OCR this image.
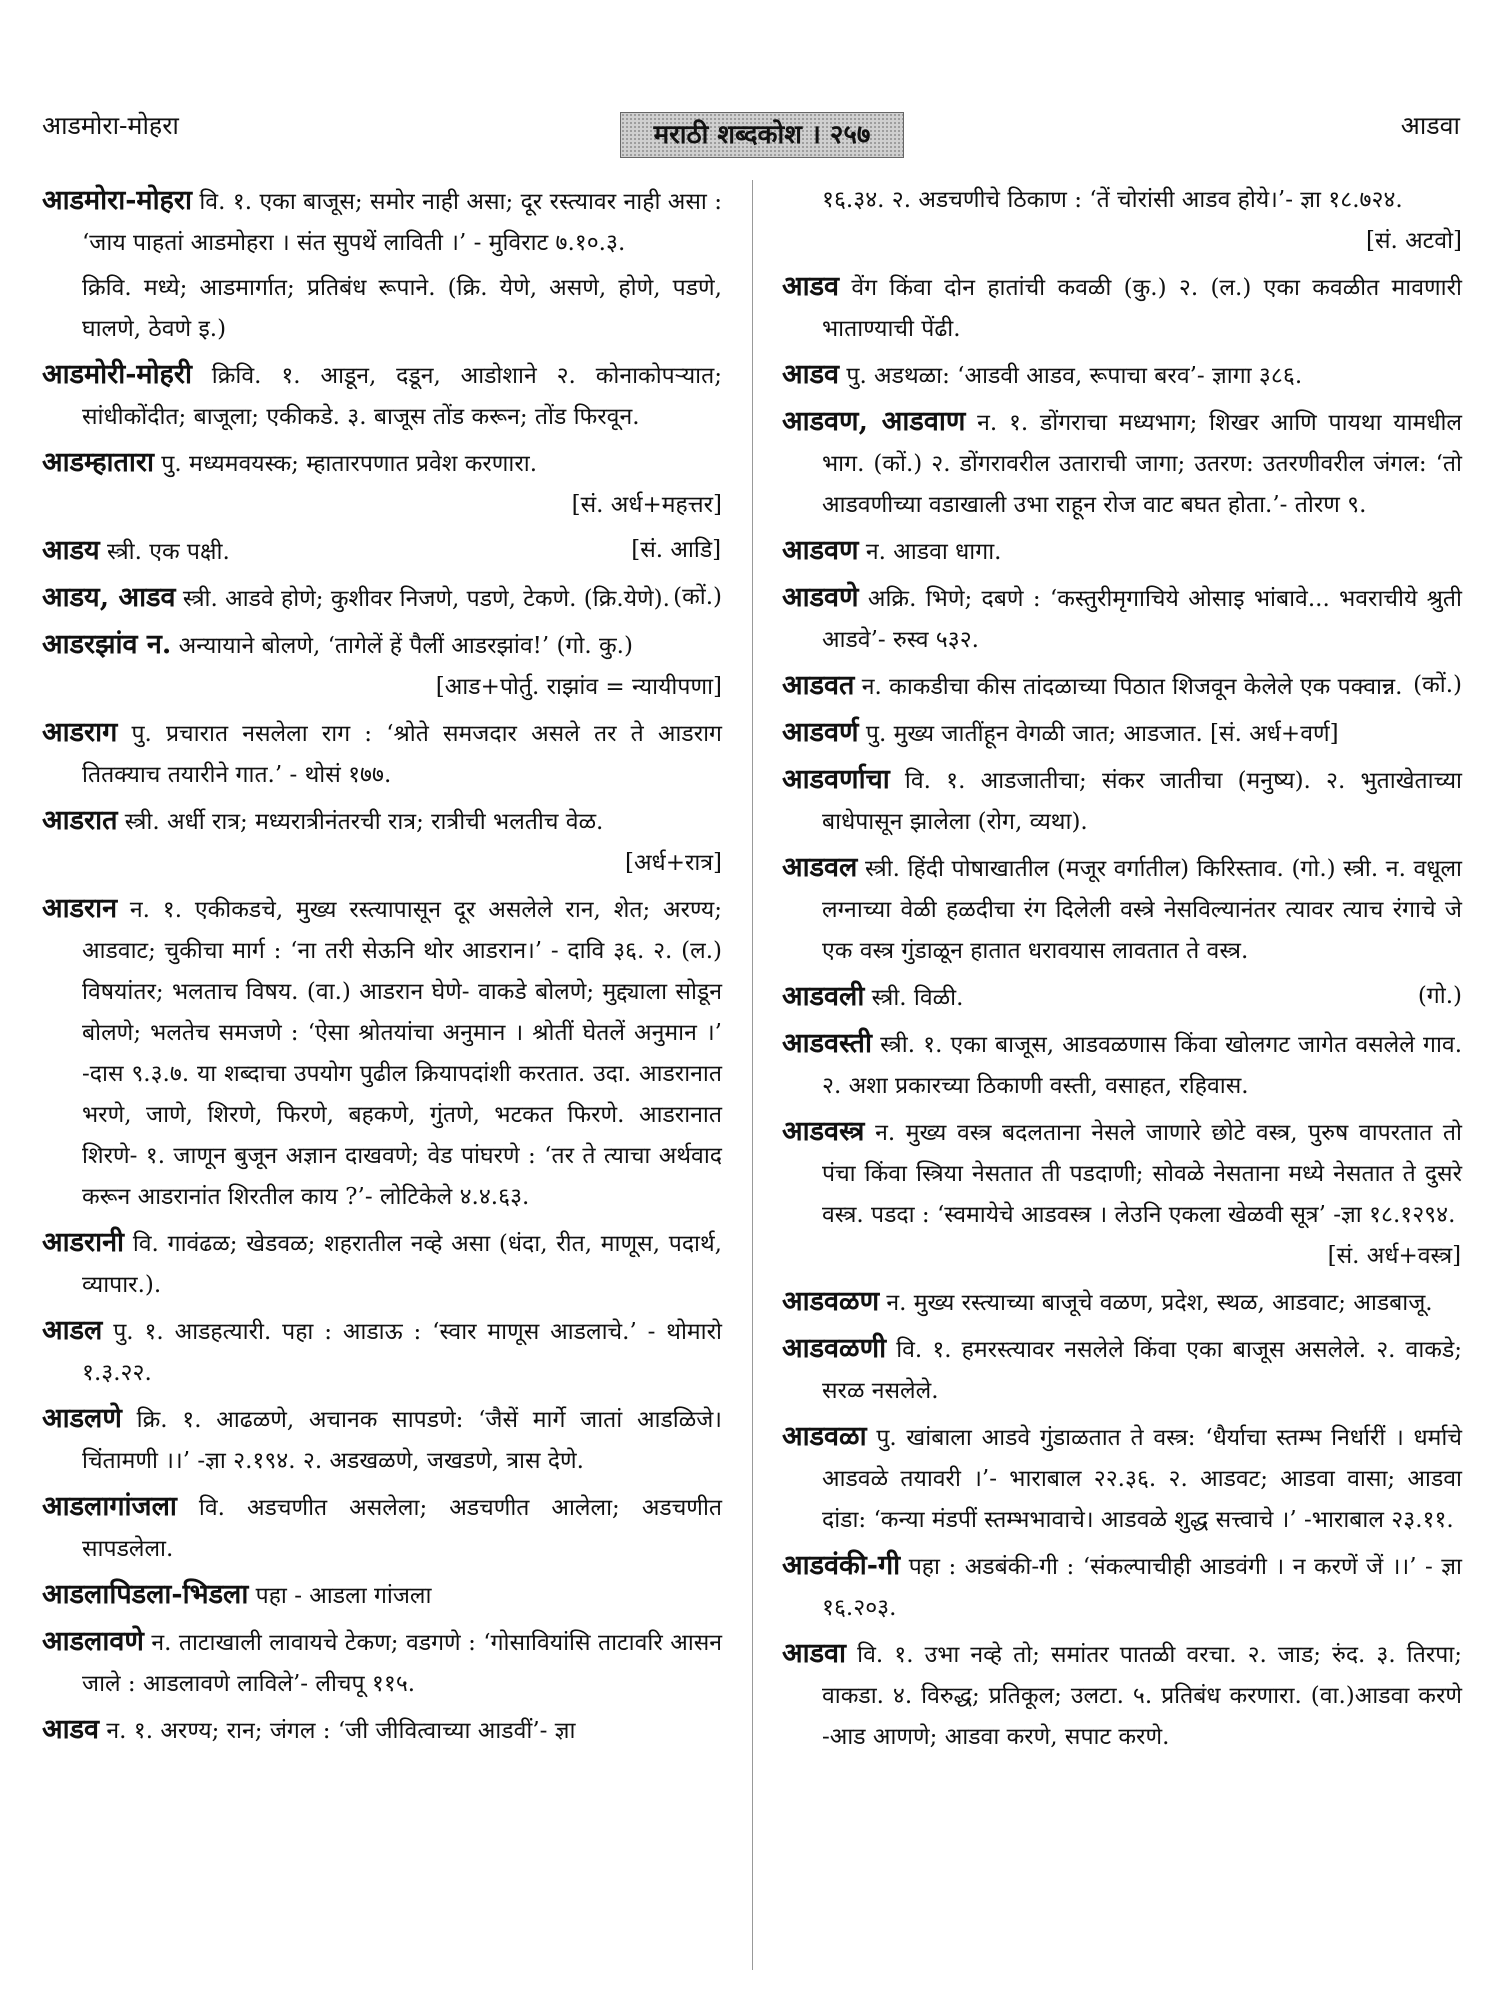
आडमोरा-मोहरा	मराठी शब्दकोश । २५७	आडवा
आडमोरा-मोहरा वि. १. एका बाजूस; समोर नाही असा; दूर रस्त्यावर नाही असा : ‘जाय पाहतां आडमोहरा । संत सुपथें लाविती ।’ - मुविराट ७.१०.३.
क्रिवि. मध्ये; आडमार्गात; प्रतिबंध रूपाने. (क्रि. येणे, असणे, होणे, पडणे, घालणे, ठेवणे इ.)
आडमोरी-मोहरी क्रिवि. १. आडून, दडून, आडोशाने २. कोनाकोपऱ्यात; सांधीकोंदीत; बाजूला; एकीकडे. ३. बाजूस तोंड करून; तोंड फिरवून.
आडम्हातारा पु. मध्यमवयस्क; म्हातारपणात प्रवेश करणारा.
[सं. अर्ध+महत्तर]
आडय स्त्री. एक पक्षी.	[सं. आडि]
आडय, आडव स्त्री. आडवे होणे; कुशीवर निजणे, पडणे, टेकणे. (क्रि.येणे). (कों.)
आडरझांव न. अन्यायाने बोलणे, ‘तागेलें हें पैलीं आडरझांव!’ (गो. कु.)
[आड+पोर्तु. राझांव = न्यायीपणा]
आडराग पु. प्रचारात नसलेला राग : ‘श्रोते समजदार असले तर ते आडराग तितक्याच तयारीने गात.’ - थोसं १७७.
आडरात स्त्री. अर्धी रात्र; मध्यरात्रीनंतरची रात्र; रात्रीची भलतीच वेळ.
[अर्ध+रात्र]
आडरान न. १. एकीकडचे, मुख्य रस्त्यापासून दूर असलेले रान, शेत; अरण्य; आडवाट; चुकीचा मार्ग : ‘ना तरी सेऊनि थोर आडरान।’ - दावि ३६. २. (ल.) विषयांतर; भलताच विषय. (वा.) आडरान घेणे- वाकडे बोलणे; मुद्द्याला सोडून बोलणे; भलतेच समजणे : ‘ऐसा श्रोतयांचा अनुमान । श्रोतीं घेतलें अनुमान ।’ -दास ९.३.७. या शब्दाचा उपयोग पुढील क्रियापदांशी करतात. उदा. आडरानात भरणे, जाणे, शिरणे, फिरणे, बहकणे, गुंतणे, भटकत फिरणे. आडरानात शिरणे- १. जाणून बुजून अज्ञान दाखवणे; वेड पांघरणे : ‘तर ते त्याचा अर्थवाद करून आडरानांत शिरतील काय ?’- लोटिकेले ४.४.६३.
आडरानी वि. गावंढळ; खेडवळ; शहरातील नव्हे असा (धंदा, रीत, माणूस, पदार्थ, व्यापार.).
आडल पु. १. आडहत्यारी. पहा : आडाऊ : ‘स्वार माणूस आडलाचे.’ - थोमारो १.३.२२.
आडलणे क्रि. १. आढळणे, अचानक सापडणे: ‘जैसें मार्गे जातां आडळिजे। चिंतामणी ।।’ -ज्ञा २.१९४. २. अडखळणे, जखडणे, त्रास देणे.
आडलागांजला वि. अडचणीत असलेला; अडचणीत आलेला; अडचणीत सापडलेला.
आडलापिडला-भिडला पहा - आडला गांजला
आडलावणे न. ताटाखाली लावायचे टेकण; वडगणे : ‘गोसावियांसि ताटावरि आसन जाले : आडलावणे लाविले’- लीचपू ११५.
आडव न. १. अरण्य; रान; जंगल : ‘जी जीवित्वाच्या आडवीं’- ज्ञा
१६.३४. २. अडचणीचे ठिकाण : ‘तें चोरांसी आडव होये।’- ज्ञा १८.७२४.
[सं. अटवो]
आडव वेंग किंवा दोन हातांची कवळी (कु.) २. (ल.) एका कवळीत मावणारी भाताण्याची पेंढी.
आडव पु. अडथळा: ‘आडवी आडव, रूपाचा बरव’- ज्ञागा ३८६.
आडवण, आडवाण न. १. डोंगराचा मध्यभाग; शिखर आणि पायथा यामधील भाग. (कों.) २. डोंगरावरील उताराची जागा; उतरण: उतरणीवरील जंगल: ‘तो आडवणीच्या वडाखाली उभा राहून रोज वाट बघत होता.’- तोरण ९.
आडवण न. आडवा धागा.
आडवणे अक्रि. भिणे; दबणे : ‘कस्तुरीमृगाचिये ओसाइ भांबावे... भवराचीये श्रुती आडवे’- रुस्व ५३२.
आडवत न. काकडीचा कीस तांदळाच्या पिठात शिजवून केलेले एक पक्वान्न. (कों.)
आडवर्ण पु. मुख्य जातींहून वेगळी जात; आडजात. [सं. अर्ध+वर्ण]
आडवर्णाचा वि. १. आडजातीचा; संकर जातीचा (मनुष्य). २. भुताखेताच्या बाधेपासून झालेला (रोग, व्यथा).
आडवल स्त्री. हिंदी पोषाखातील (मजूर वर्गातील) किरिस्ताव. (गो.) स्त्री. न. वधूला लग्नाच्या वेळी हळदीचा रंग दिलेली वस्त्रे नेसविल्यानंतर त्यावर त्याच रंगाचे जे एक वस्त्र गुंडाळून हातात धरावयास लावतात ते वस्त्र.
आडवली स्त्री. विळी.	(गो.)
आडवस्ती स्त्री. १. एका बाजूस, आडवळणास किंवा खोलगट जागेत वसलेले गाव. २. अशा प्रकारच्या ठिकाणी वस्ती, वसाहत, रहिवास.
आडवस्त्र न. मुख्य वस्त्र बदलताना नेसले जाणारे छोटे वस्त्र, पुरुष वापरतात तो पंचा किंवा स्त्रिया नेसतात ती पडदाणी; सोवळे नेसताना मध्ये नेसतात ते दुसरे वस्त्र. पडदा : ‘स्वमायेचे आडवस्त्र । लेउनि एकला खेळवी सूत्र’ -ज्ञा १८.१२९४.
[सं. अर्ध+वस्त्र]
आडवळण न. मुख्य रस्त्याच्या बाजूचे वळण, प्रदेश, स्थळ, आडवाट; आडबाजू.
आडवळणी वि. १. हमरस्त्यावर नसलेले किंवा एका बाजूस असलेले. २. वाकडे; सरळ नसलेले.
आडवळा पु. खांबाला आडवे गुंडाळतात ते वस्त्र: ‘धैर्याचा स्तम्भ निर्धारीं । धर्माचे आडवळे तयावरी ।’- भाराबाल २२.३६. २. आडवट; आडवा वासा; आडवा दांडा: ‘कन्या मंडपीं स्तम्भभावाचे। आडवळे शुद्ध सत्त्वाचे ।’ -भाराबाल २३.११.
आडवंकी-गी पहा : अडबंकी-गी : ‘संकल्पाचीही आडवंगी । न करणें जें ।।’ - ज्ञा १६.२०३.
आडवा वि. १. उभा नव्हे तो; समांतर पातळी वरचा. २. जाड; रुंद. ३. तिरपा; वाकडा. ४. विरुद्ध; प्रतिकूल; उलटा. ५. प्रतिबंध करणारा. (वा.)आडवा करणे -आड आणणे; आडवा करणे, सपाट करणे.
